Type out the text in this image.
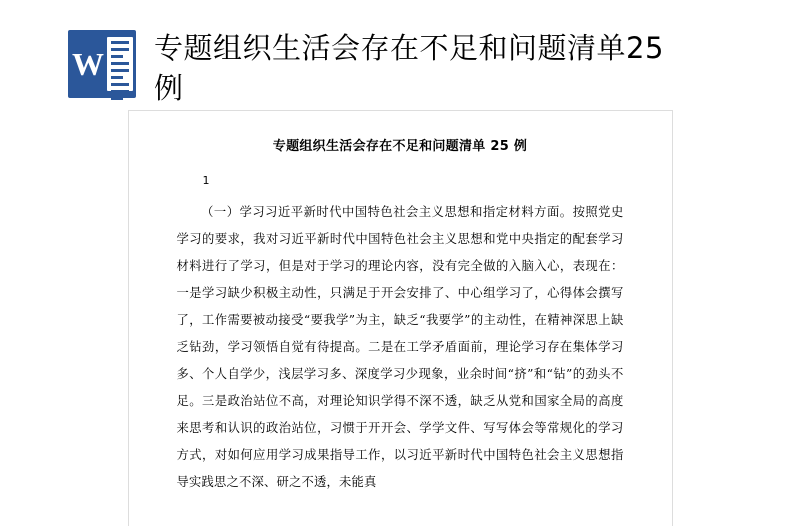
W 专题组织生活会存在不足和问题清单25例
专题组织生活会存在不足和问题清单 25 例
1

（一）学习习近平新时代中国特色社会主义思想和指定材料方面。按照党史学习的要求，我对习近平新时代中国特色社会主义思想和党中央指定的配套学习材料进行了学习，但是对于学习的理论内容，没有完全做的入脑入心，表现在：一是学习缺少积极主动性，只满足于开会安排了、中心组学习了，心得体会撰写了，工作需要被动接受“要我学”为主，缺乏“我要学”的主动性，在精神深思上缺乏钻劲，学习领悟自觉有待提高。二是在工学矛盾面前，理论学习存在集体学习多、个人自学少，浅层学习多、深度学习少现象，业余时间“挤”和“钻”的劲头不足。三是政治站位不高，对理论知识学得不深不透，缺乏从党和国家全局的高度来思考和认识的政治站位，习惯于开开会、学学文件、写写体会等常规化的学习方式，对如何应用学习成果指导工作，以习近平新时代中国特色社会主义思想指导实践思之不深、研之不透，未能真
